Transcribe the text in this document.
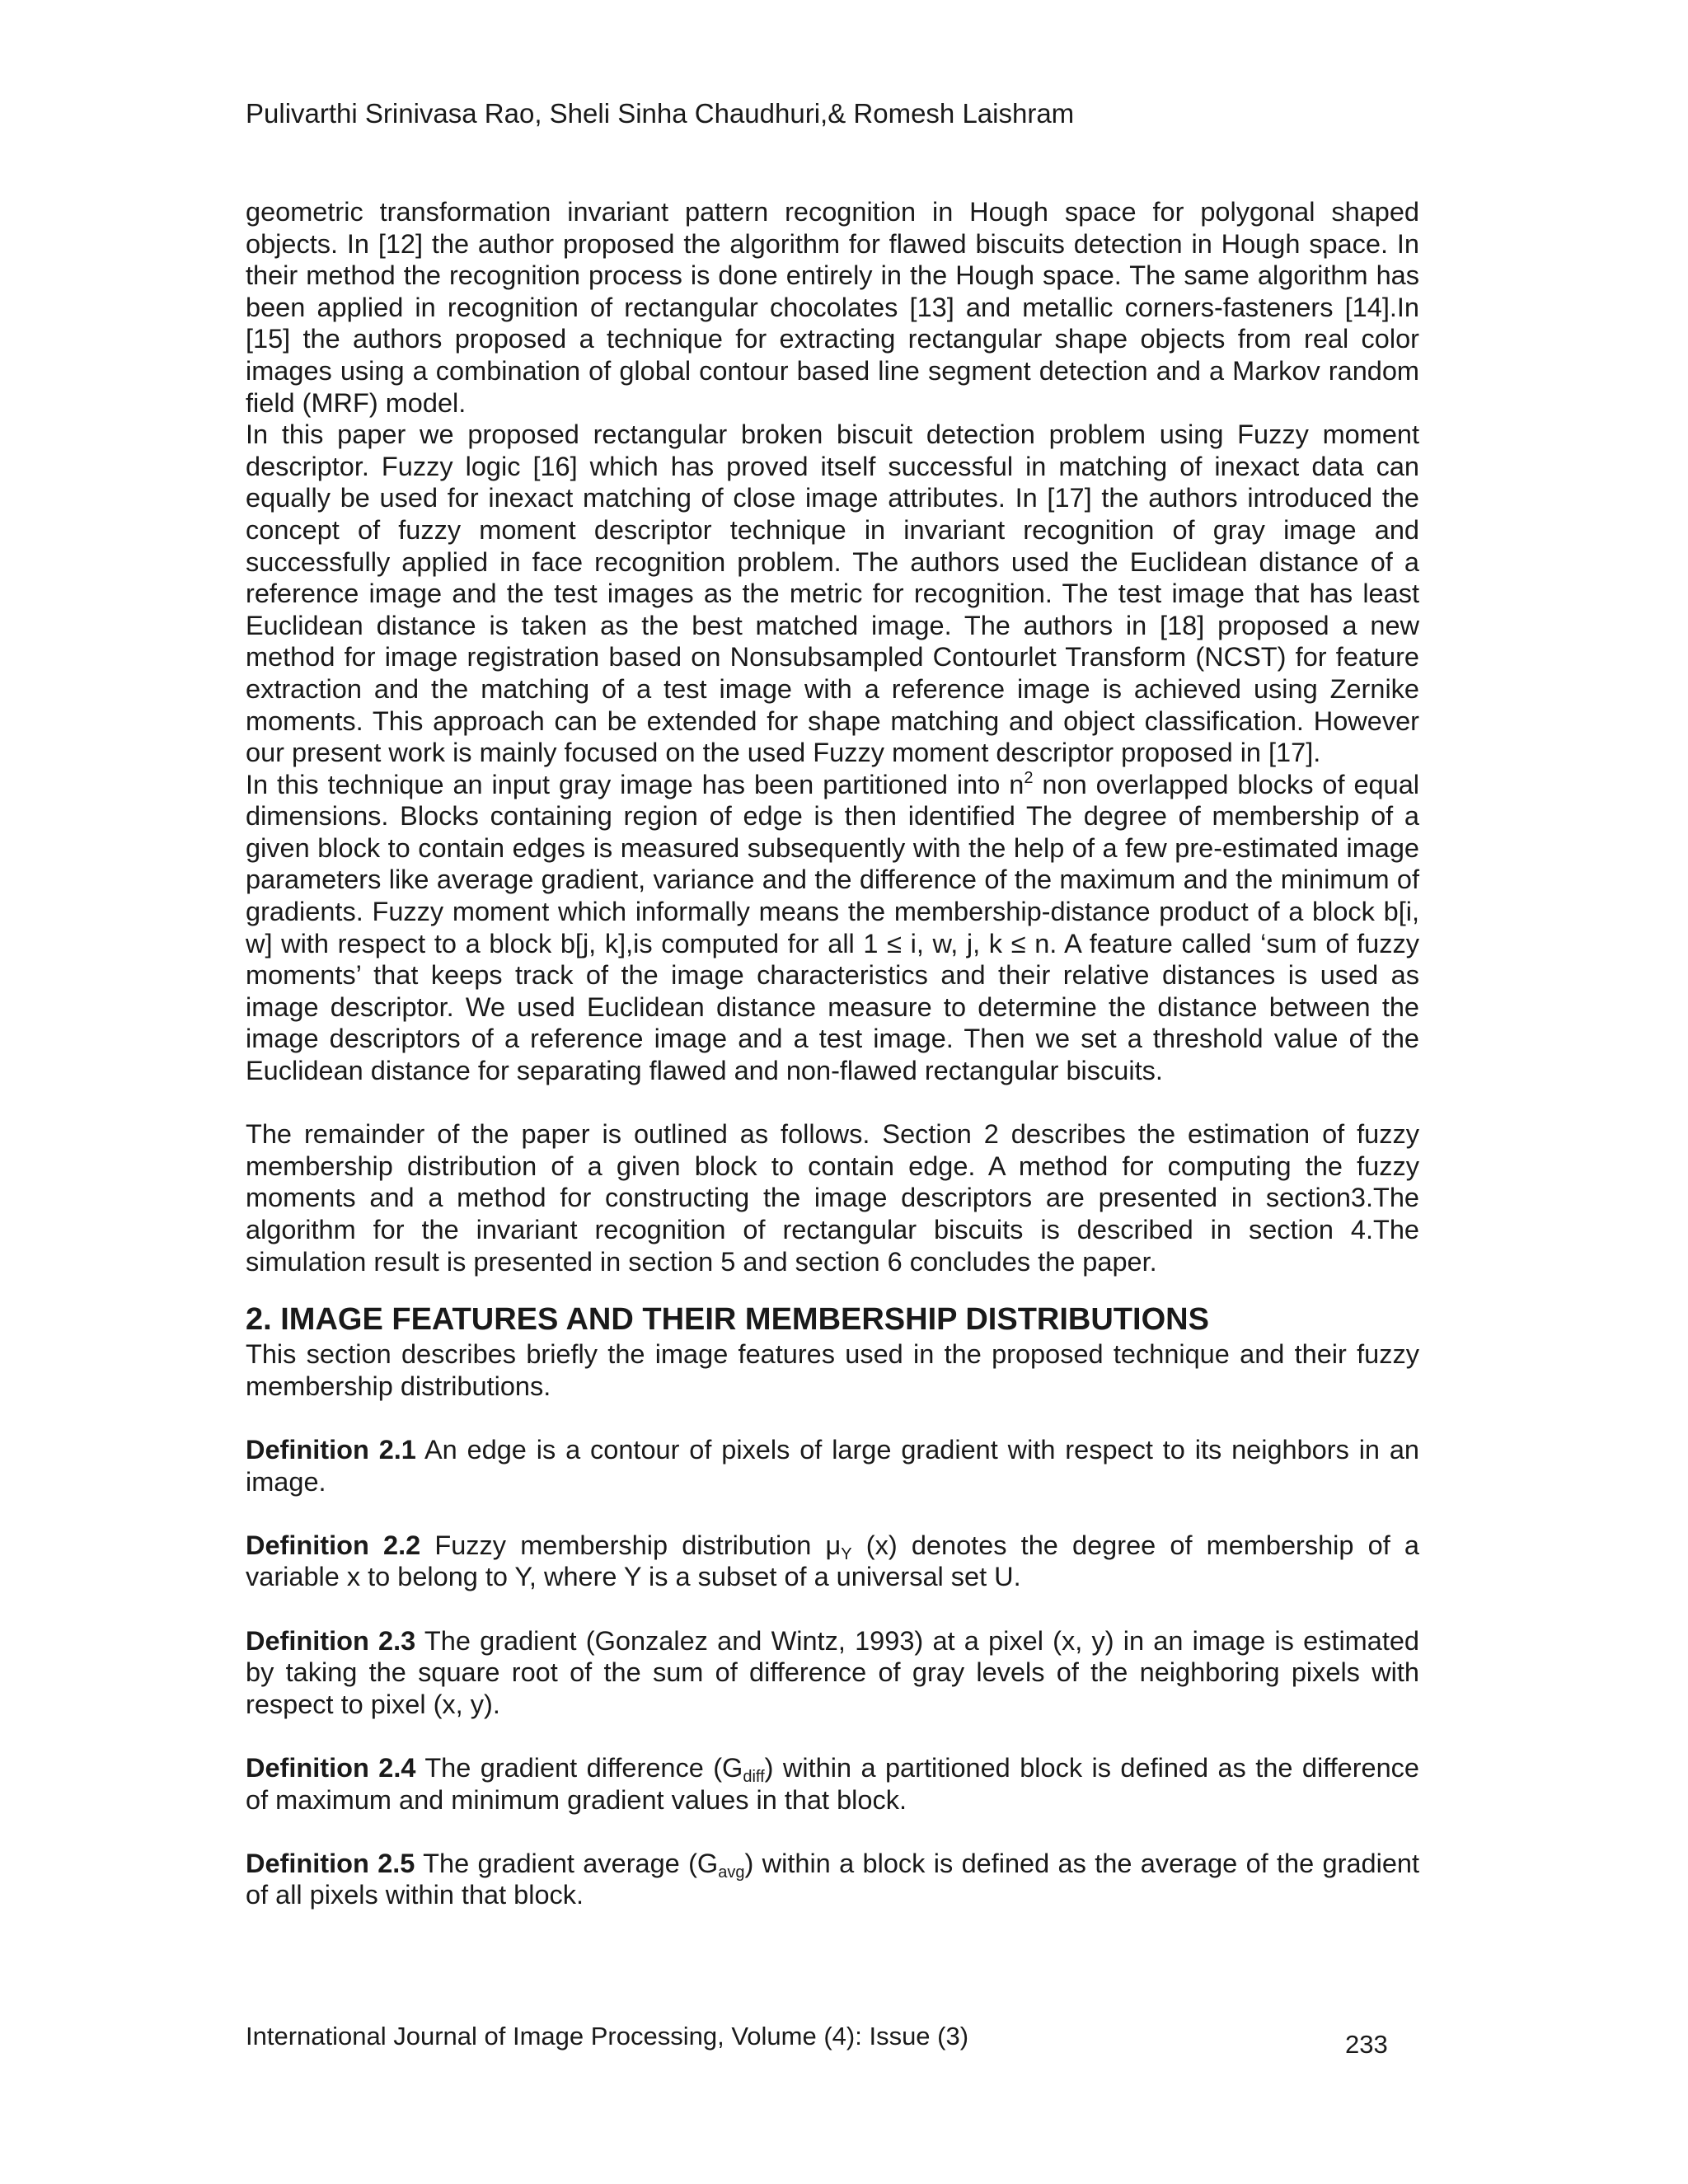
Pulivarthi Srinivasa Rao, Sheli Sinha Chaudhuri,& Romesh Laishram

geometric transformation invariant pattern recognition in Hough space for polygonal shaped objects. In [12] the author proposed the algorithm for flawed biscuits detection in Hough space. In their method the recognition process is done entirely in the Hough space. The same algorithm has been applied in recognition of rectangular chocolates [13] and metallic corners-fasteners [14].In [15] the authors proposed a technique for extracting rectangular shape objects from real color images using a combination of global contour based line segment detection and a Markov random field (MRF) model.

In this paper we proposed rectangular broken biscuit detection problem using Fuzzy moment descriptor. Fuzzy logic [16] which has proved itself successful in matching of inexact data can equally be used for inexact matching of close image attributes. In [17] the authors introduced the concept of fuzzy moment descriptor technique in invariant recognition of gray image and successfully applied in face recognition problem. The authors used the Euclidean distance of a reference image and the test images as the metric for recognition. The test image that has least Euclidean distance is taken as the best matched image. The authors in [18] proposed a new method for image registration based on Nonsubsampled Contourlet Transform (NCST) for feature extraction and the matching of a test image with a reference image is achieved using Zernike moments. This approach can be extended for shape matching and object classification. However our present work is mainly focused on the used Fuzzy moment descriptor proposed in [17].

In this technique an input gray image has been partitioned into $n^2$ non overlapped blocks of equal dimensions. Blocks containing region of edge is then identified The degree of membership of a given block to contain edges is measured subsequently with the help of a few pre-estimated image parameters like average gradient, variance and the difference of the maximum and the minimum of gradients. Fuzzy moment which informally means the membership-distance product of a block b[i, w] with respect to a block b[j, k],is computed for all 1 ≤ i, w, j, k ≤ n. A feature called ‘sum of fuzzy moments’ that keeps track of the image characteristics and their relative distances is used as image descriptor. We used Euclidean distance measure to determine the distance between the image descriptors of a reference image and a test image. Then we set a threshold value of the Euclidean distance for separating flawed and non-flawed rectangular biscuits.

The remainder of the paper is outlined as follows. Section 2 describes the estimation of fuzzy membership distribution of a given block to contain edge. A method for computing the fuzzy moments and a method for constructing the image descriptors are presented in section3.The algorithm for the invariant recognition of rectangular biscuits is described in section 4.The simulation result is presented in section 5 and section 6 concludes the paper.

2. IMAGE FEATURES AND THEIR MEMBERSHIP DISTRIBUTIONS

This section describes briefly the image features used in the proposed technique and their fuzzy membership distributions.

Definition 2.1 An edge is a contour of pixels of large gradient with respect to its neighbors in an image.

Definition 2.2 Fuzzy membership distribution $\mu_Y$ (x) denotes the degree of membership of a variable x to belong to Y, where Y is a subset of a universal set U.

Definition 2.3 The gradient (Gonzalez and Wintz, 1993) at a pixel (x, y) in an image is estimated by taking the square root of the sum of difference of gray levels of the neighboring pixels with respect to pixel (x, y).

Definition 2.4 The gradient difference $(G_{diff})$ within a partitioned block is defined as the difference of maximum and minimum gradient values in that block.

Definition 2.5 The gradient average $(G_{avg})$ within a block is defined as the average of the gradient of all pixels within that block.

International Journal of Image Processing, Volume (4): Issue (3)	233
